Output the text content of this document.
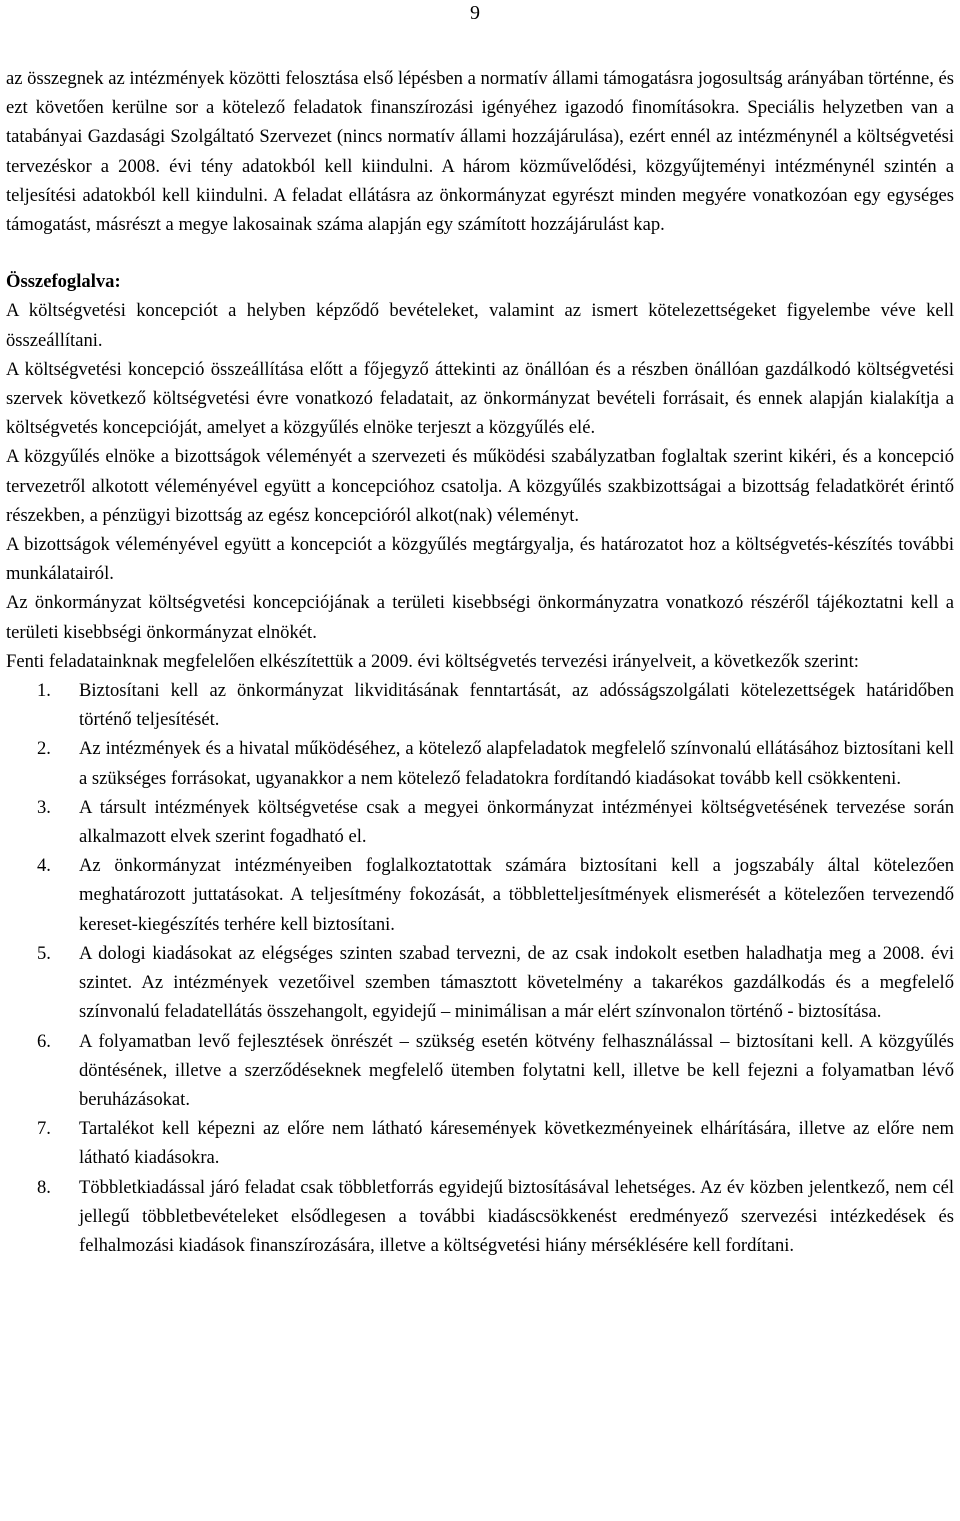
9

az összegnek az intézmények közötti felosztása első lépésben a normatív állami támogatásra jogosultság arányában történne, és ezt követően kerülne sor a kötelező feladatok finanszírozási igényéhez igazodó finomításokra. Speciális helyzetben van a tatabányai Gazdasági Szolgáltató Szervezet (nincs normatív állami hozzájárulása), ezért ennél az intézménynél a költségvetési tervezéskor a 2008. évi tény adatokból kell kiindulni. A három közművelődési, közgyűjteményi intézménynél szintén a teljesítési adatokból kell kiindulni. A feladat ellátásra az önkormányzat egyrészt minden megyére vonatkozóan egy egységes támogatást, másrészt a megye lakosainak száma alapján egy számított hozzájárulást kap.

Összefoglalva:

A költségvetési koncepciót a helyben képződő bevételeket, valamint az ismert kötelezettségeket figyelembe véve kell összeállítani.

A költségvetési koncepció összeállítása előtt a főjegyző áttekinti az önállóan és a részben önállóan gazdálkodó költségvetési szervek következő költségvetési évre vonatkozó feladatait, az önkormányzat bevételi forrásait, és ennek alapján kialakítja a költségvetés koncepcióját, amelyet a közgyűlés elnöke terjeszt a közgyűlés elé.

A közgyűlés elnöke a bizottságok véleményét a szervezeti és működési szabályzatban foglaltak szerint kikéri, és a koncepció tervezetről alkotott véleményével együtt a koncepcióhoz csatolja. A közgyűlés szakbizottságai a bizottság feladatkörét érintő részekben, a pénzügyi bizottság az egész koncepcióról alkot(nak) véleményt.

A bizottságok véleményével együtt a koncepciót a közgyűlés megtárgyalja, és határozatot hoz a költségvetés-készítés további munkálatairól.

Az önkormányzat költségvetési koncepciójának a területi kisebbségi önkormányzatra vonatkozó részéről tájékoztatni kell a területi kisebbségi önkormányzat elnökét.

Fenti feladatainknak megfelelően elkészítettük a 2009. évi költségvetés tervezési irányelveit, a következők szerint:

1. Biztosítani kell az önkormányzat likviditásának fenntartását, az adósságszolgálati kötelezettségek határidőben történő teljesítését.
2. Az intézmények és a hivatal működéséhez, a kötelező alapfeladatok megfelelő színvonalú ellátásához biztosítani kell a szükséges forrásokat, ugyanakkor a nem kötelező feladatokra fordítandó kiadásokat tovább kell csökkenteni.
3. A társult intézmények költségvetése csak a megyei önkormányzat intézményei költségvetésének tervezése során alkalmazott elvek szerint fogadható el.
4. Az önkormányzat intézményeiben foglalkoztatottak számára biztosítani kell a jogszabály által kötelezően meghatározott juttatásokat. A teljesítmény fokozását, a többletteljesítmények elismerését a kötelezően tervezendő kereset-kiegészítés terhére kell biztosítani.
5. A dologi kiadásokat az elégséges szinten szabad tervezni, de az csak indokolt esetben haladhatja meg a 2008. évi szintet. Az intézmények vezetőivel szemben támasztott követelmény a takarékos gazdálkodás és a megfelelő színvonalú feladatellátás összehangolt, egyidejű – minimálisan a már elért színvonalon történő - biztosítása.
6. A folyamatban levő fejlesztések önrészét – szükség esetén kötvény felhasználással – biztosítani kell. A közgyűlés döntésének, illetve a szerződéseknek megfelelő ütemben folytatni kell, illetve be kell fejezni a folyamatban lévő beruházásokat.
7. Tartalékot kell képezni az előre nem látható káresemények következményeinek elhárítására, illetve az előre nem látható kiadásokra.
8. Többletkiadással járó feladat csak többletforrás egyidejű biztosításával lehetséges. Az év közben jelentkező, nem cél jellegű többletbevételeket elsődlegesen a további kiadáscsökkenést eredményező szervezési intézkedések és felhalmozási kiadások finanszírozására, illetve a költségvetési hiány mérséklésére kell fordítani.
